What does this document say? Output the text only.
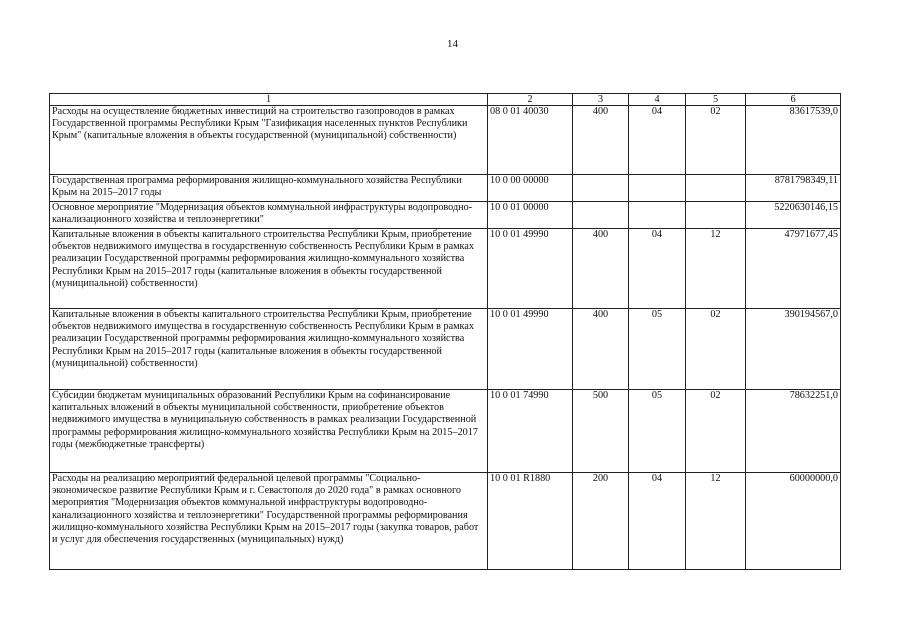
14
1	2	3	4	5	6
Расходы на осуществление бюджетных инвестиций на строительство газопроводов в рамках Государственной программы Республики Крым "Газификация населенных пунктов Республики Крым" (капитальные вложения в объекты государственной (муниципальной) собственности)	08 0 01 40030	400	04	02	83617539,0
Государственная программа реформирования жилищно-коммунального хозяйства Республики Крым на 2015–2017 годы	10 0 00 00000				8781798349,11
Основное мероприятие "Модернизация объектов коммунальной инфраструктуры водопроводно-канализационного хозяйства и теплоэнергетики"	10 0 01 00000				5220630146,15
Капитальные вложения в объекты капитального строительства Республики Крым, приобретение объектов недвижимого имущества в государственную собственность Республики Крым в рамках реализации Государственной программы реформирования жилищно-коммунального хозяйства Республики Крым на 2015–2017 годы (капитальные вложения в объекты государственной (муниципальной) собственности)	10 0 01 49990	400	04	12	47971677,45
Капитальные вложения в объекты капитального строительства Республики Крым, приобретение объектов недвижимого имущества в государственную собственность Республики Крым в рамках реализации Государственной программы реформирования жилищно-коммунального хозяйства Республики Крым на 2015–2017 годы (капитальные вложения в объекты государственной (муниципальной) собственности)	10 0 01 49990	400	05	02	390194567,0
Субсидии бюджетам муниципальных образований Республики Крым на софинансирование капитальных вложений в объекты муниципальной собственности, приобретение объектов недвижимого имущества в муниципальную собственность в рамках реализации Государственной программы реформирования жилищно-коммунального хозяйства Республики Крым на 2015–2017 годы (межбюджетные трансферты)	10 0 01 74990	500	05	02	78632251,0
Расходы на реализацию мероприятий федеральной целевой программы "Социально-экономическое развитие Республики Крым и г. Севастополя до 2020 года" в рамках основного мероприятия "Модернизация объектов коммунальной инфраструктуры водопроводно-канализационного хозяйства и теплоэнергетики" Государственной программы реформирования жилищно-коммунального хозяйства Республики Крым на 2015–2017 годы (закупка товаров, работ и услуг для обеспечения государственных (муниципальных) нужд)	10 0 01 R1880	200	04	12	60000000,0
